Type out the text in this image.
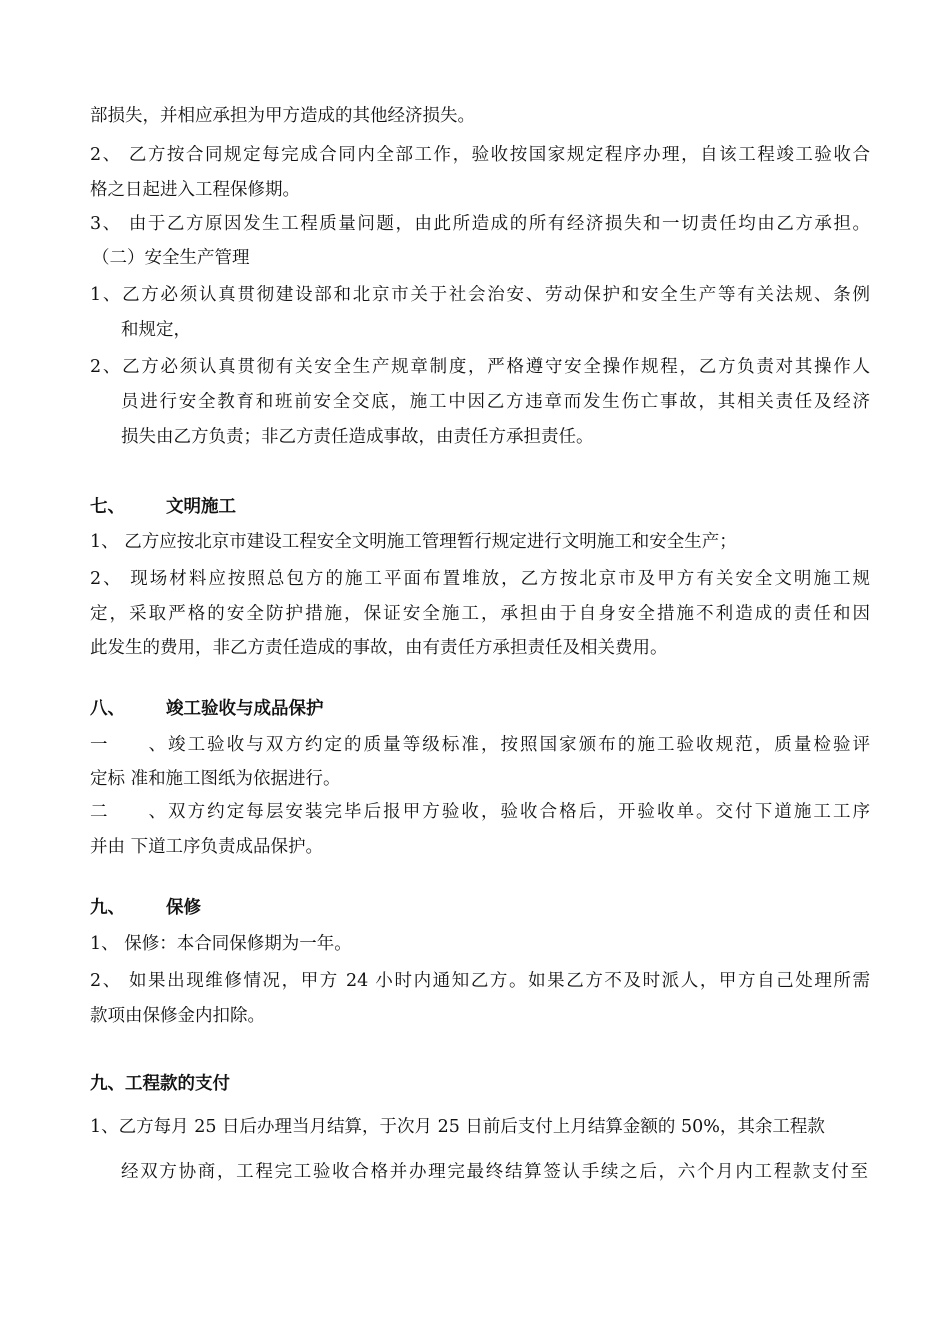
部损失，并相应承担为甲方造成的其他经济损失。
2、 乙方按合同规定每完成合同内全部工作，验收按国家规定程序办理，自该工程竣工验收合
格之日起进入工程保修期。
3、 由于乙方原因发生工程质量问题，由此所造成的所有经济损失和一切责任均由乙方承担。
（二）安全生产管理
1、乙方必须认真贯彻建设部和北京市关于社会治安、劳动保护和安全生产等有关法规、条例
和规定，
2、乙方必须认真贯彻有关安全生产规章制度，严格遵守安全操作规程，乙方负责对其操作人
员进行安全教育和班前安全交底，施工中因乙方违章而发生伤亡事故，其相关责任及经济
损失由乙方负责；非乙方责任造成事故，由责任方承担责任。
七、 文明施工
1、 乙方应按北京市建设工程安全文明施工管理暂行规定进行文明施工和安全生产；
2、 现场材料应按照总包方的施工平面布置堆放，乙方按北京市及甲方有关安全文明施工规
定，采取严格的安全防护措施，保证安全施工，承担由于自身安全措施不利造成的责任和因
此发生的费用，非乙方责任造成的事故，由有责任方承担责任及相关费用。
八、 竣工验收与成品保护
一、竣工验收与双方约定的质量等级标准，按照国家颁布的施工验收规范，质量检验评
定标 准和施工图纸为依据进行。
二、双方约定每层安装完毕后报甲方验收，验收合格后，开验收单。交付下道施工工序
并由 下道工序负责成品保护。
九、 保修
1、 保修：本合同保修期为一年。
2、 如果出现维修情况，甲方 24 小时内通知乙方。如果乙方不及时派人，甲方自己处理所需
款项由保修金内扣除。
九、工程款的支付
1、乙方每月 25 日后办理当月结算，于次月 25 日前后支付上月结算金额的 50%，其余工程款
经双方协商，工程完工验收合格并办理完最终结算签认手续之后，六个月内工程款支付至
